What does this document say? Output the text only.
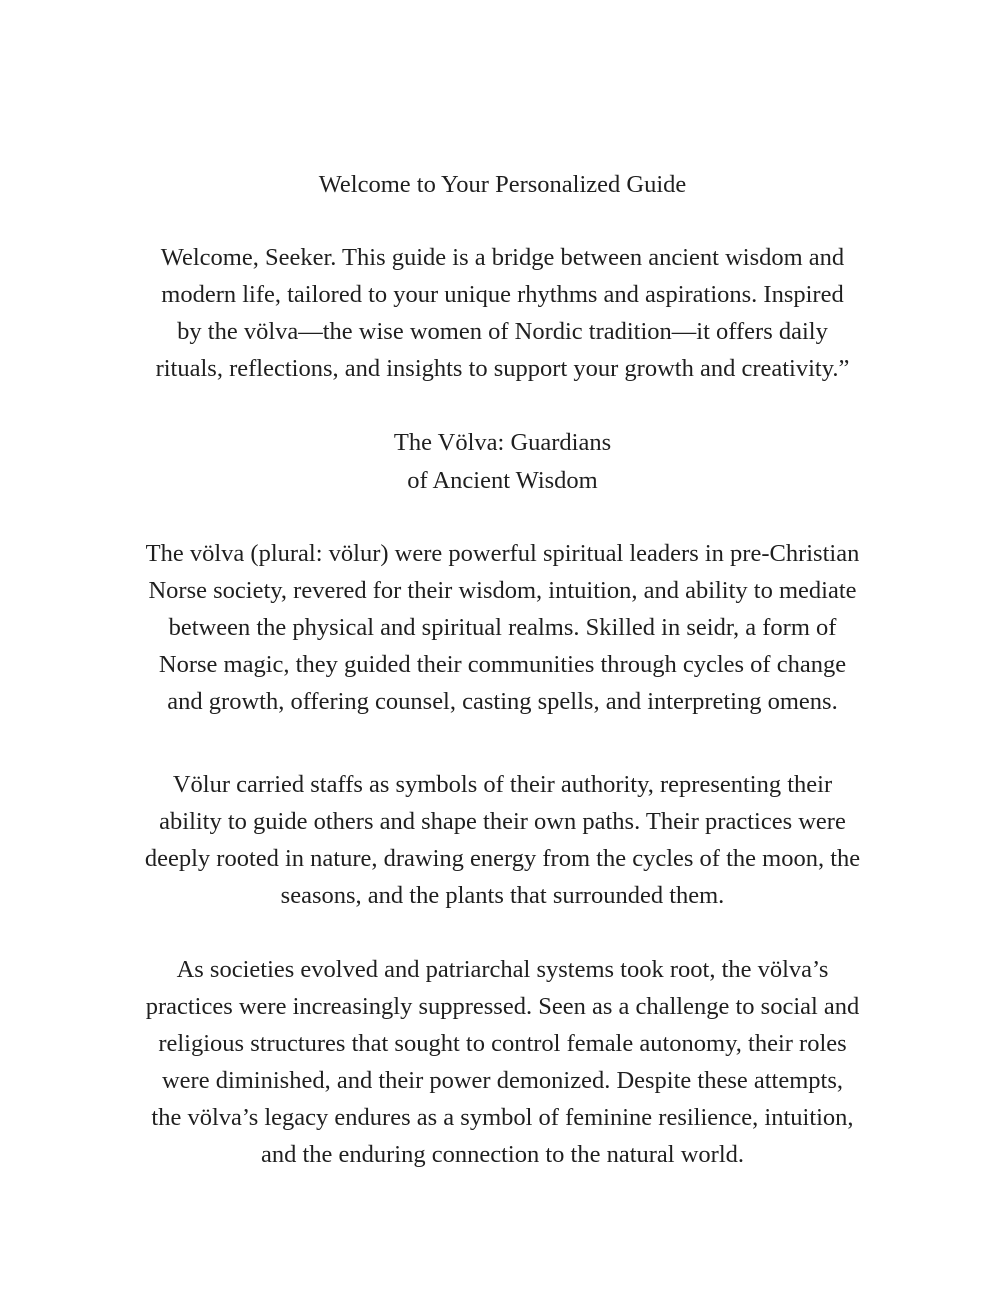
Welcome to Your Personalized Guide

Welcome, Seeker. This guide is a bridge between ancient wisdom and
modern life, tailored to your unique rhythms and aspirations. Inspired
by the völva—the wise women of Nordic tradition—it offers daily
rituals, reflections, and insights to support your growth and creativity.”

The Völva: Guardians
of Ancient Wisdom

The völva (plural: völur) were powerful spiritual leaders in pre-Christian
Norse society, revered for their wisdom, intuition, and ability to mediate
between the physical and spiritual realms. Skilled in seidr, a form of
Norse magic, they guided their communities through cycles of change
and growth, offering counsel, casting spells, and interpreting omens.

Völur carried staffs as symbols of their authority, representing their
ability to guide others and shape their own paths. Their practices were
deeply rooted in nature, drawing energy from the cycles of the moon, the
seasons, and the plants that surrounded them.

As societies evolved and patriarchal systems took root, the völva’s
practices were increasingly suppressed. Seen as a challenge to social and
religious structures that sought to control female autonomy, their roles
were diminished, and their power demonized. Despite these attempts,
the völva’s legacy endures as a symbol of feminine resilience, intuition,
and the enduring connection to the natural world.
